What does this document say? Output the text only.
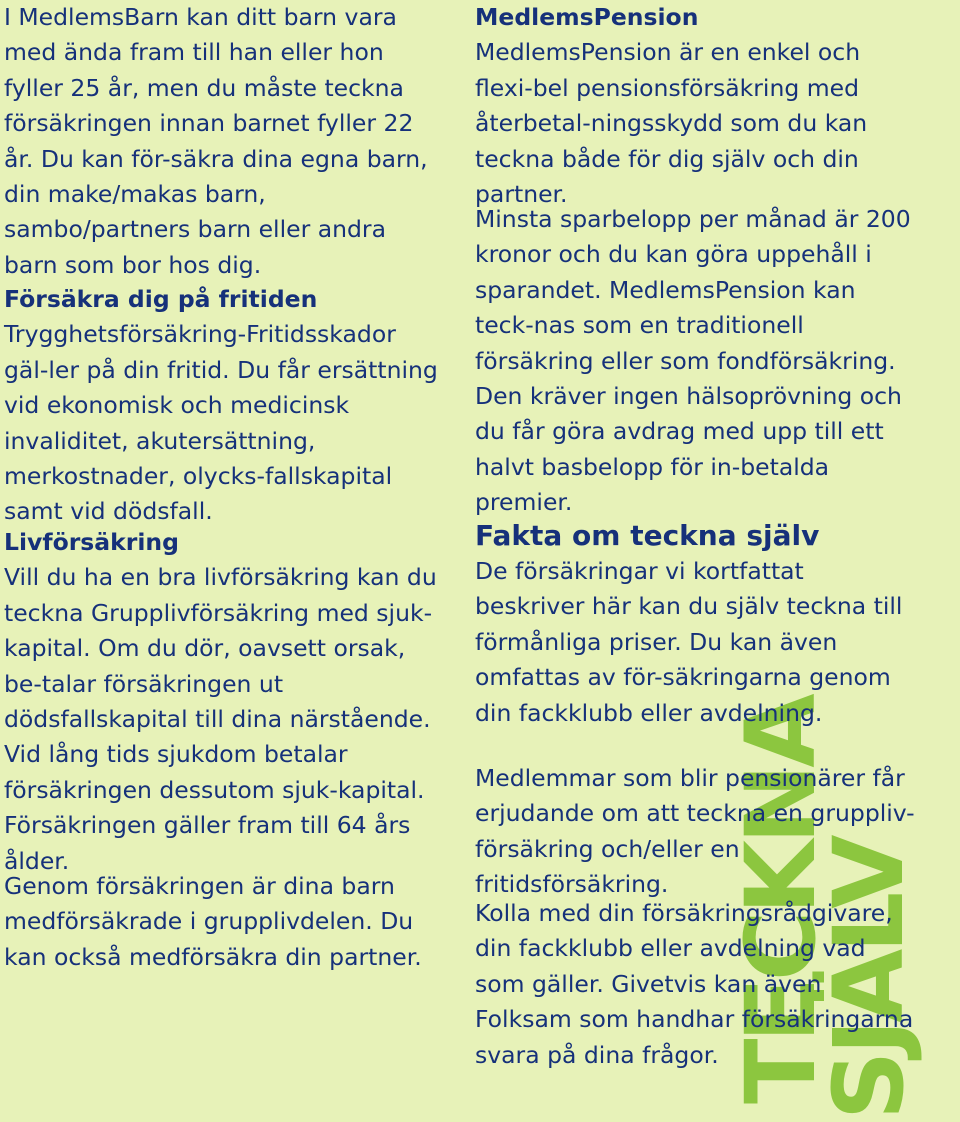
TECKNA
SJÄLV

I MedlemsBarn kan ditt barn vara med ända fram till han eller hon fyller 25 år, men du måste teckna försäkringen innan barnet fyller 22 år. Du kan för-säkra dina egna barn, din make/makas barn, sambo/partners barn eller andra barn som bor hos dig.

Försäkra dig på fritiden

Trygghetsförsäkring-Fritidsskador gäl-ler på din fritid. Du får ersättning vid ekonomisk och medicinsk invaliditet, akutersättning, merkostnader, olycks-fallskapital samt vid dödsfall.

Livförsäkring

Vill du ha en bra livförsäkring kan du teckna Grupplivförsäkring med sjuk-kapital. Om du dör, oavsett orsak, be-talar försäkringen ut dödsfallskapital till dina närstående. Vid lång tids sjukdom betalar försäkringen dessutom sjuk-kapital. Försäkringen gäller fram till 64 års ålder.

Genom försäkringen är dina barn medförsäkrade i grupplivdelen. Du kan också medförsäkra din partner.

MedlemsPension

MedlemsPension är en enkel och flexi-bel pensionsförsäkring med återbetal-ningsskydd som du kan teckna både för dig själv och din partner.

Minsta sparbelopp per månad är 200 kronor och du kan göra uppehåll i sparandet. MedlemsPension kan teck-nas som en traditionell försäkring eller som fondförsäkring. Den kräver ingen hälsoprövning och du får göra avdrag med upp till ett halvt basbelopp för in-betalda premier.

Fakta om teckna själv

De försäkringar vi kortfattat beskriver här kan du själv teckna till förmånliga priser. Du kan även omfattas av för-säkringarna genom din fackklubb eller avdelning.

Medlemmar som blir pensionärer får erjudande om att teckna en gruppliv-försäkring och/eller en fritidsförsäkring.

Kolla med din försäkringsrådgivare, din fackklubb eller avdelning vad som gäller. Givetvis kan även Folksam som handhar försäkringarna svara på dina frågor.
